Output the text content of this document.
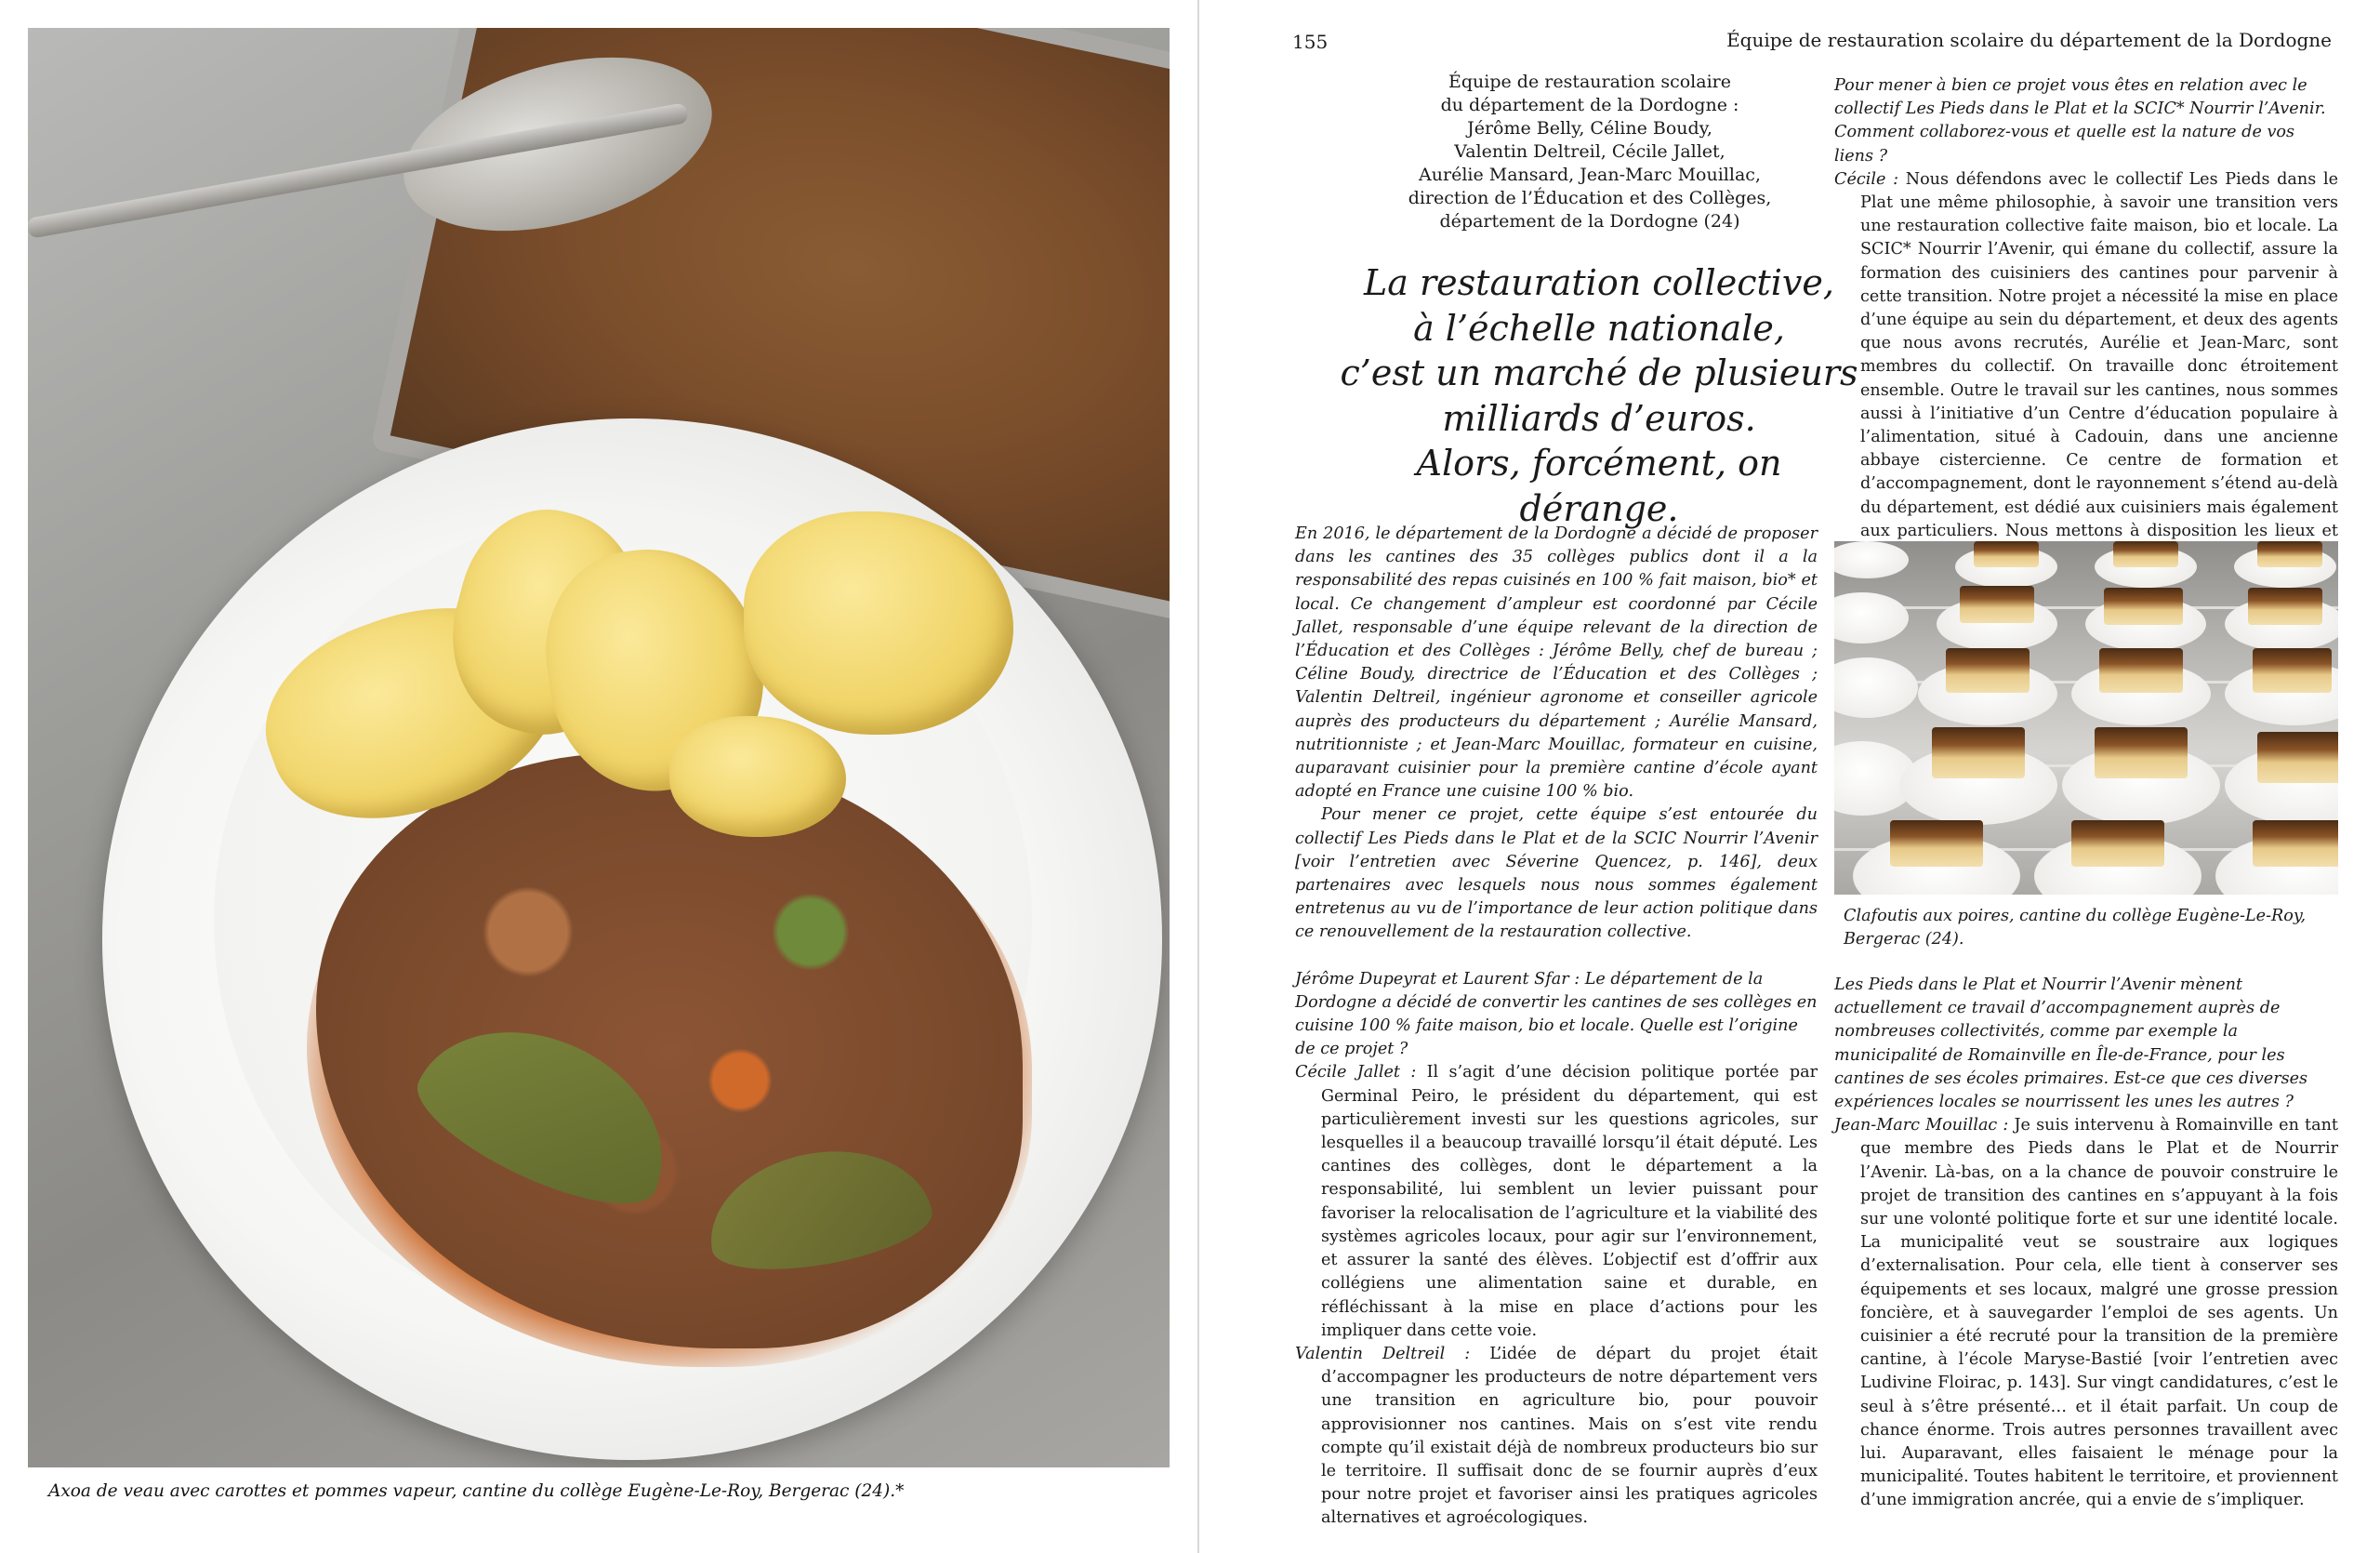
Axoa de veau avec carottes et pommes vapeur, cantine du collège Eugène-Le-Roy, Bergerac (24).*
155	Équipe de restauration scolaire du département de la Dordogne
Équipe de restauration scolaire
du département de la Dordogne :
Jérôme Belly, Céline Boudy,
Valentin Deltreil, Cécile Jallet,
Aurélie Mansard, Jean-Marc Mouillac,
direction de l’Éducation et des Collèges,
département de la Dordogne (24)
La restauration collective,
à l’échelle nationale,
c’est un marché de plusieurs
milliards d’euros.
Alors, forcément, on dérange.

En 2016, le département de la Dordogne a décidé de proposer dans les cantines des 35 collèges publics dont il a la responsabilité des repas cuisinés en 100 % fait maison, bio* et local. Ce changement d’ampleur est coordonné par Cécile Jallet, responsable d’une équipe relevant de la direction de l’Éducation et des Collèges : Jérôme Belly, chef de bureau ; Céline Boudy, directrice de l’Éducation et des Collèges ; Valentin Deltreil, ingénieur agronome et conseiller agricole auprès des producteurs du département ; Aurélie Mansard, nutritionniste ; et Jean-Marc Mouillac, formateur en cuisine, auparavant cuisinier pour la première cantine d’école ayant adopté en France une cuisine 100 % bio.

Pour mener ce projet, cette équipe s’est entourée du collectif Les Pieds dans le Plat et de la SCIC Nourrir l’Avenir [voir l’entretien avec Séverine Quencez, p. 146], deux partenaires avec lesquels nous nous sommes également entretenus au vu de l’importance de leur action politique dans ce renouvellement de la restauration collective.

Jérôme Dupeyrat et Laurent Sfar : Le département de la Dordogne a décidé de convertir les cantines de ses collèges en cuisine 100 % faite maison, bio et locale. Quelle est l’origine de ce projet ?

Cécile Jallet : Il s’agit d’une décision politique portée par Germinal Peiro, le président du département, qui est particulièrement investi sur les questions agricoles, sur lesquelles il a beaucoup travaillé lorsqu’il était député. Les cantines des collèges, dont le département a la responsabilité, lui semblent un levier puissant pour favoriser la relocalisation de l’agriculture et la viabilité des systèmes agricoles locaux, pour agir sur l’environnement, et assurer la santé des élèves. L’objectif est d’offrir aux collégiens une alimentation saine et durable, en réfléchissant à la mise en place d’actions pour les impliquer dans cette voie.

Valentin Deltreil : L’idée de départ du projet était d’accompagner les producteurs de notre département vers une transition en agriculture bio, pour pouvoir approvisionner nos cantines. Mais on s’est vite rendu compte qu’il existait déjà de nombreux producteurs bio sur le territoire. Il suffisait donc de se fournir auprès d’eux pour notre projet et favoriser ainsi les pratiques agricoles alternatives et agroécologiques.

Pour mener à bien ce projet vous êtes en relation avec le collectif Les Pieds dans le Plat et la SCIC* Nourrir l’Avenir. Comment collaborez-vous et quelle est la nature de vos liens ?

Cécile : Nous défendons avec le collectif Les Pieds dans le Plat une même philosophie, à savoir une transition vers une restauration collective faite maison, bio et locale. La SCIC* Nourrir l’Avenir, qui émane du collectif, assure la formation des cuisiniers des cantines pour parvenir à cette transition. Notre projet a nécessité la mise en place d’une équipe au sein du département, et deux des agents que nous avons recrutés, Aurélie et Jean-Marc, sont membres du collectif. On travaille donc étroitement ensemble. Outre le travail sur les cantines, nous sommes aussi à l’initiative d’un Centre d’éducation populaire à l’alimentation, situé à Cadouin, dans une ancienne abbaye cistercienne. Ce centre de formation et d’accompagnement, dont le rayonnement s’étend au-delà du département, est dédié aux cuisiniers mais également aux particuliers. Nous mettons à disposition les lieux et

Clafoutis aux poires, cantine du collège Eugène-Le-Roy, Bergerac (24).

Les Pieds dans le Plat et Nourrir l’Avenir mènent actuellement ce travail d’accompagnement auprès de nombreuses collectivités, comme par exemple la municipalité de Romainville en Île-de-France, pour les cantines de ses écoles primaires. Est-ce que ces diverses expériences locales se nourrissent les unes les autres ?

Jean-Marc Mouillac : Je suis intervenu à Romainville en tant que membre des Pieds dans le Plat et de Nourrir l’Avenir. Là-bas, on a la chance de pouvoir construire le projet de transition des cantines en s’appuyant à la fois sur une volonté politique forte et sur une identité locale. La municipalité veut se soustraire aux logiques d’externalisation. Pour cela, elle tient à conserver ses équipements et ses locaux, malgré une grosse pression foncière, et à sauvegarder l’emploi de ses agents. Un cuisinier a été recruté pour la transition de la première cantine, à l’école Maryse-Bastié [voir l’entretien avec Ludivine Floirac, p. 143]. Sur vingt candidatures, c’est le seul à s’être présenté… et il était parfait. Un coup de chance énorme. Trois autres personnes travaillent avec lui. Auparavant, elles faisaient le ménage pour la municipalité. Toutes habitent le territoire, et proviennent d’une immigration ancrée, qui a envie de s’impliquer.
